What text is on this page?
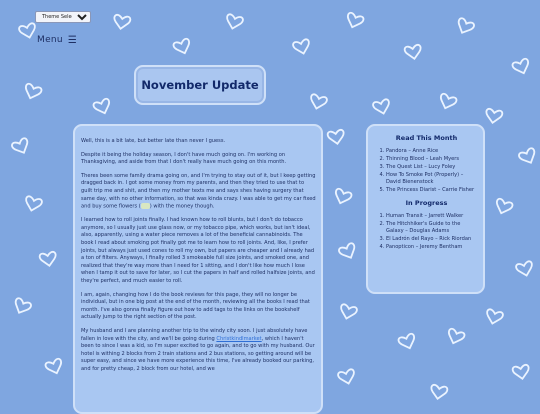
Theme Selector
Menu ☰
November Update

Well, this is a bit late, but better late than never I guess.

Despite it being the holiday season, I don't have much going on. I'm working on Thanksgiving, and aside from that I don't really have much going on this month.

Theres been some family drama going on, and I'm trying to stay out of it, but I keep getting dragged back in. I got some money from my parents, and then they tried to use that to guilt trip me and shit, and then my mother texts me and says shes having surgery that same day, with no other information, so that was kinda crazy. I was able to get my car fixed and buy some flowers ( ) with the money though.

I learned how to roll joints finally. I had known how to roll blunts, but I don't do tobacco anymore, so I usually just use glass now, or my tobacco pipe, which works, but isn't ideal, also, apparently, using a water piece removes a lot of the beneficial cannabinoids. The book I read about smoking pot finally got me to learn how to roll joints. And, like, I prefer joints, but always just used cones to roll my own, but papers are cheaper and I already had a ton of filters. Anyways, I finally rolled 3 smokeable full size joints, and smoked one, and realized that they're way more than I need for 1 sitting, and I don't like how much I lose when I tamp it out to save for later, so I cut the papers in half and rolled halfsize joints, and they're perfect, and much easier to roll.

I am, again, changing how I do the book reviews for this page, they will no longer be individual, but in one big post at the end of the month, reviewing all the books I read that month. I've also gonna finally figure out how to add tags to the links on the bookshelf actually jump to the right section of the post.

My husband and I are planning another trip to the windy city soon. I just absolutely have fallen in love with the city, and we'll be going during Christkindlmarket, which I haven't been to since I was a kid, so I'm super excited to go again, and to go with my husband. Our hotel is withing 2 blocks from 2 train stations and 2 bus stations, so getting around will be super easy, and since we have more experience this time, I've already booked our parking, and for pretty cheap, 2 block from our hotel, and we

Read This Month
1. Pandora – Anne Rice
2. Thinning Blood – Leah Myers
3. The Quest List – Lucy Foley
4. How To Smoke Pot (Properly) – David Bienenstock
5. The Princess Diarist – Carrie Fisher
In Progress
1. Human Transit – Jarrett Walker
2. The Hitchhiker's Guide to the Galaxy – Douglas Adams
3. El Ladrón del Rayo – Rick Riordan
4. Panopticon – Jeremy Bentham
